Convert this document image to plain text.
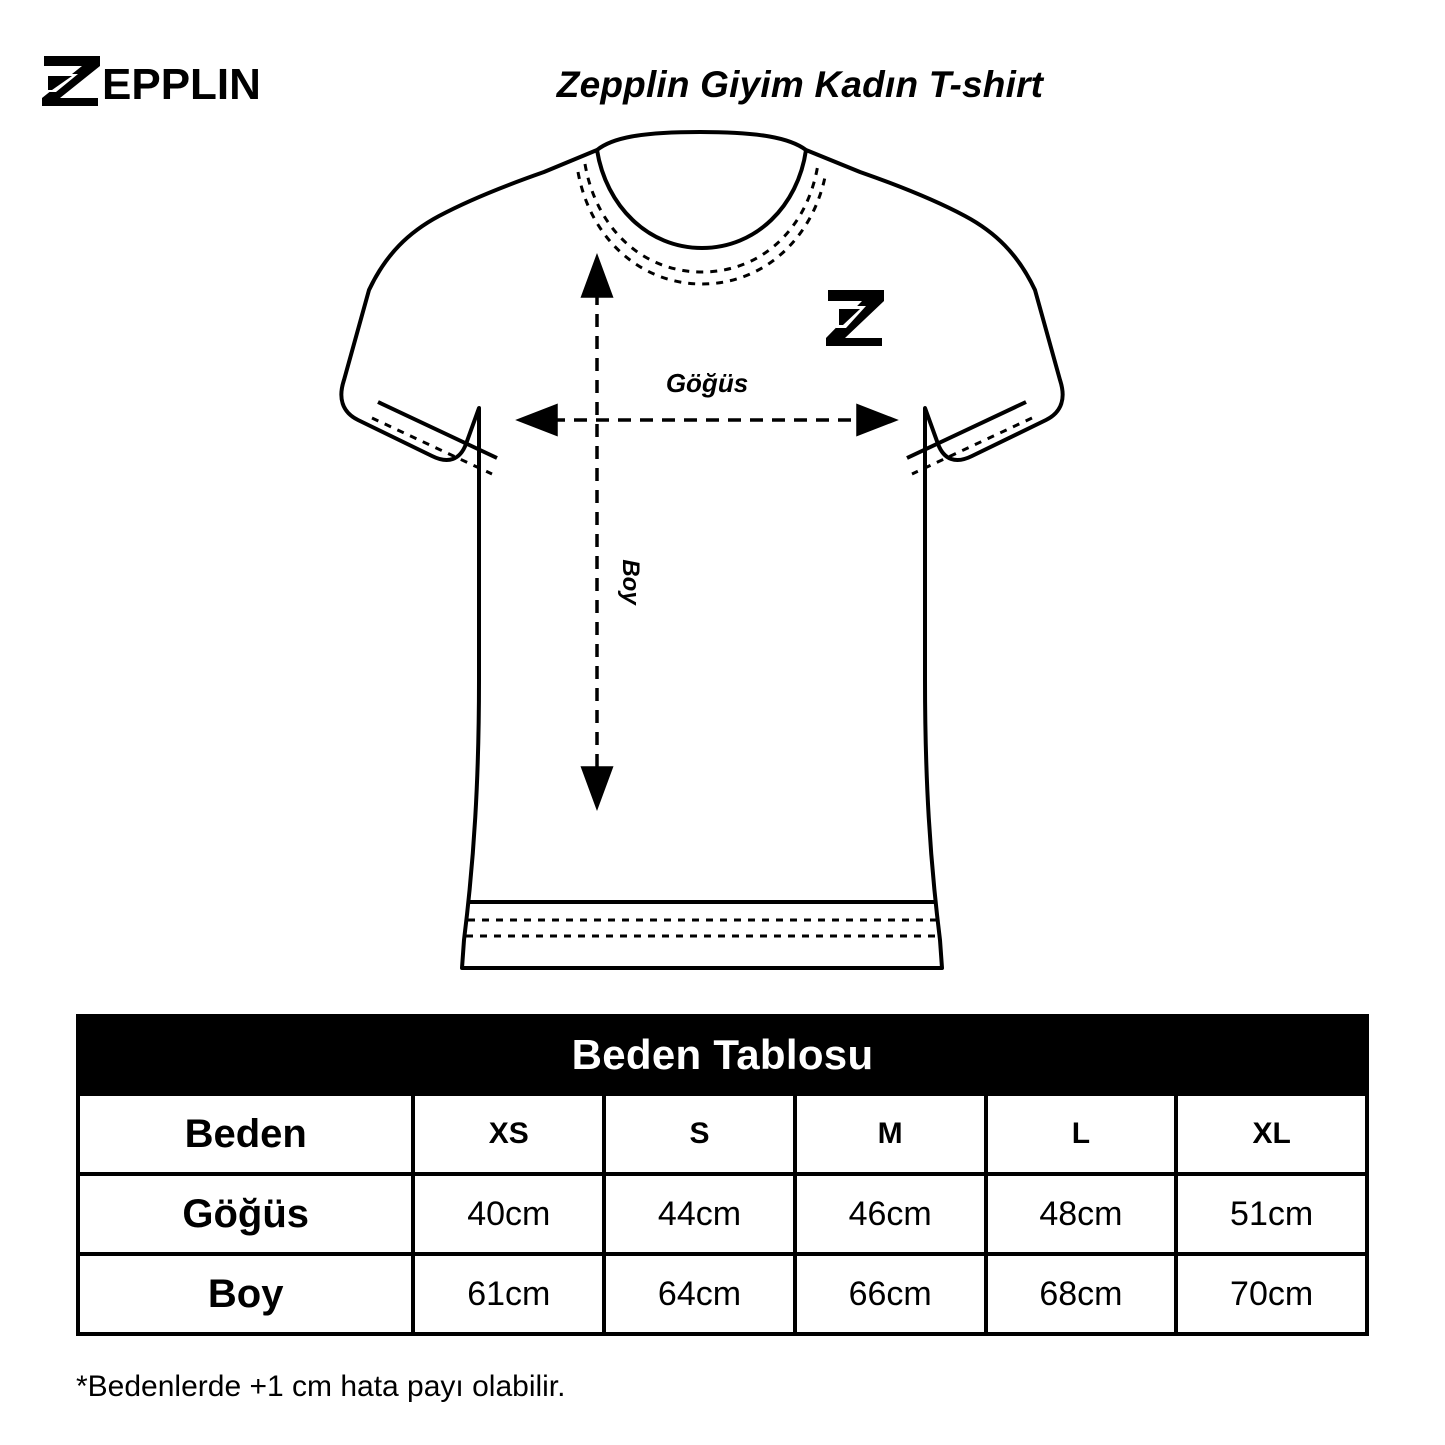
EPPLIN	Zepplin Giyim Kadın T-shirt
Göğüs
Boy
Beden Tablosu					
Beden	XS	S	M	L	XL
Göğüs	40cm	44cm	46cm	48cm	51cm
Boy	61cm	64cm	66cm	68cm	70cm
*Bedenlerde +1 cm hata payı olabilir.
